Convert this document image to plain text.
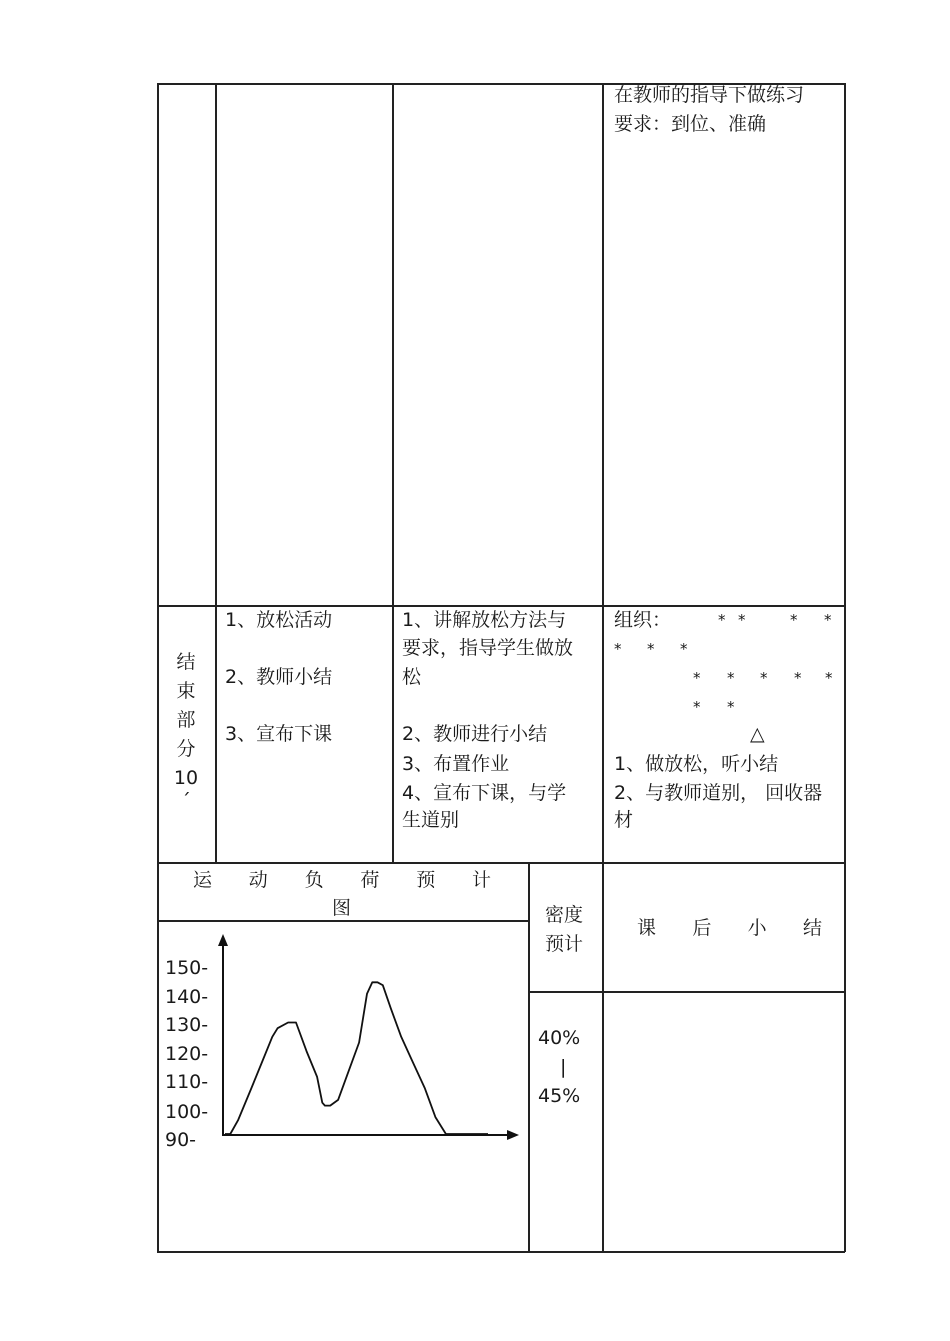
在教师的指导下做练习
要求：到位、准确
结
束
部
分
10
´
1、放松活动
2、教师小结
3、宣布下课
1、讲解放松方法与
要求，指导学生做放
松
2、教师进行小结
3、布置作业
4、宣布下课，与学
生道别
组织：	* *	* *
* * *
* * * * *
* *
△
1、做放松，听小结
2、与教师道别， 回收器
材
运 动 负 荷 预 计
图
150-
140-
130-
120-
110-
100-
90-
密度
预计
40%
|
45%
课 后 小 结
